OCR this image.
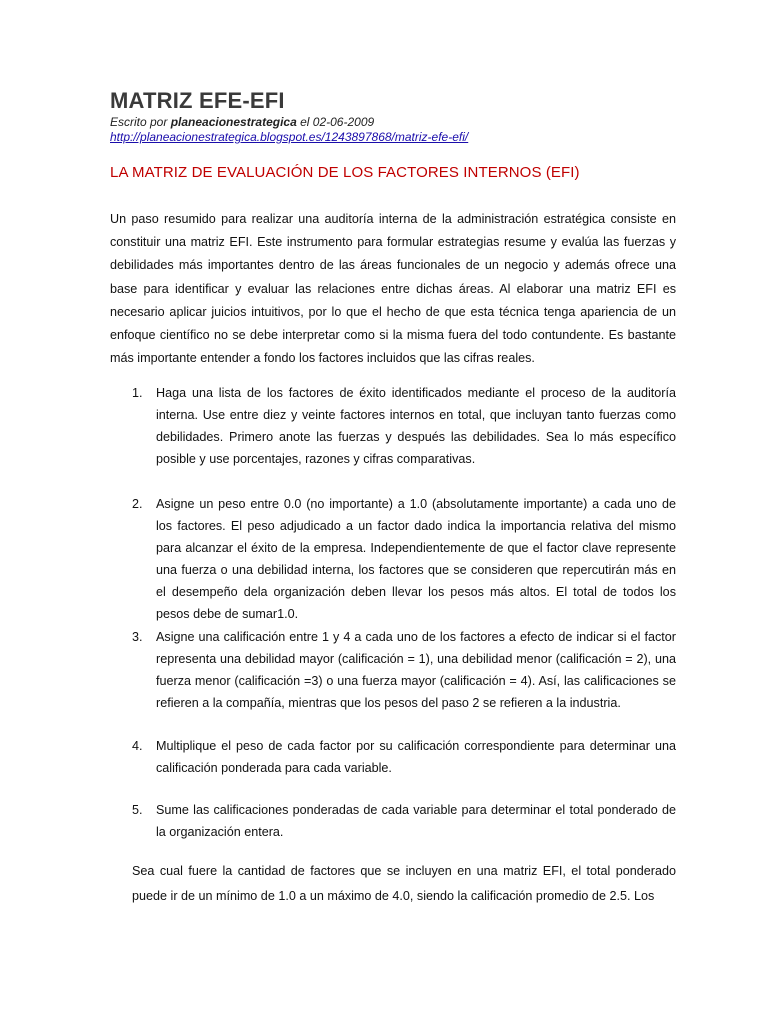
MATRIZ EFE-EFI
Escrito por planeacionestrategica el 02-06-2009
http://planeacionestrategica.blogspot.es/1243897868/matriz-efe-efi/
LA MATRIZ DE EVALUACIÓN DE LOS FACTORES INTERNOS (EFI)

Un paso resumido para realizar una auditoría interna de la administración estratégica consiste en constituir una matriz EFI. Este instrumento para formular estrategias resume y evalúa las fuerzas y debilidades más importantes dentro de las áreas funcionales de un negocio y además ofrece una base para identificar y evaluar las relaciones entre dichas áreas. Al elaborar una matriz EFI es necesario aplicar juicios intuitivos, por lo que el hecho de que esta técnica tenga apariencia de un enfoque científico no se debe interpretar como si la misma fuera del todo contundente. Es bastante más importante entender a fondo los factores incluidos que las cifras reales.

1. Haga una lista de los factores de éxito identificados mediante el proceso de la auditoría interna. Use entre diez y veinte factores internos en total, que incluyan tanto fuerzas como debilidades. Primero anote las fuerzas y después las debilidades. Sea lo más específico posible y use porcentajes, razones y cifras comparativas.

2. Asigne un peso entre 0.0 (no importante) a 1.0 (absolutamente importante) a cada uno de los factores. El peso adjudicado a un factor dado indica la importancia relativa del mismo para alcanzar el éxito de la empresa. Independientemente de que el factor clave represente una fuerza o una debilidad interna, los factores que se consideren que repercutirán más en el desempeño dela organización deben llevar los pesos más altos. El total de todos los pesos debe de sumar1.0.

3. Asigne una calificación entre 1 y 4 a cada uno de los factores a efecto de indicar si el factor representa una debilidad mayor (calificación = 1), una debilidad menor (calificación = 2), una fuerza menor (calificación =3) o una fuerza mayor (calificación = 4). Así, las calificaciones se refieren a la compañía, mientras que los pesos del paso 2 se refieren a la industria.

4. Multiplique el peso de cada factor por su calificación correspondiente para determinar una calificación ponderada para cada variable.

5. Sume las calificaciones ponderadas de cada variable para determinar el total ponderado de la organización entera.

Sea cual fuere la cantidad de factores que se incluyen en una matriz EFI, el total ponderado puede ir de un mínimo de 1.0 a un máximo de 4.0, siendo la calificación promedio de 2.5. Los
